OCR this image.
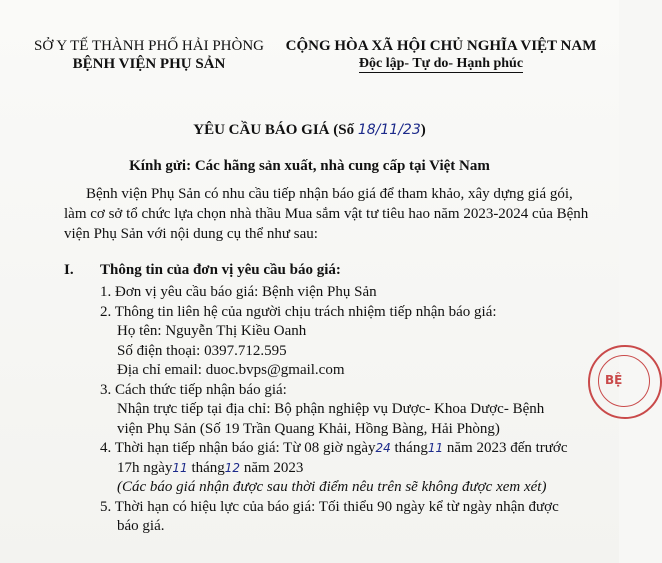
SỞ Y TẾ THÀNH PHỐ HẢI PHÒNG
BỆNH VIỆN PHỤ SẢN
CỘNG HÒA XÃ HỘI CHỦ NGHĨA VIỆT NAM
Độc lập- Tự do- Hạnh phúc
YÊU CẦU BÁO GIÁ (Số 18/11/23)
Kính gửi: Các hãng sản xuất, nhà cung cấp tại Việt Nam

Bệnh viện Phụ Sản có nhu cầu tiếp nhận báo giá để tham khảo, xây dựng giá gói,

làm cơ sở tổ chức lựa chọn nhà thầu Mua sắm vật tư tiêu hao năm 2023-2024 của Bệnh

viện Phụ Sản với nội dung cụ thể như sau:

I. Thông tin của đơn vị yêu cầu báo giá:

1. Đơn vị yêu cầu báo giá: Bệnh viện Phụ Sản

2. Thông tin liên hệ của người chịu trách nhiệm tiếp nhận báo giá:

Họ tên: Nguyễn Thị Kiều Oanh

Số điện thoại: 0397.712.595

Địa chỉ email: duoc.bvps@gmail.com

3. Cách thức tiếp nhận báo giá:

Nhận trực tiếp tại địa chỉ: Bộ phận nghiệp vụ Dược- Khoa Dược- Bệnh

viện Phụ Sản (Số 19 Trần Quang Khải, Hồng Bàng, Hải Phòng)

4. Thời hạn tiếp nhận báo giá: Từ 08 giờ ngày24 tháng11 năm 2023 đến trước

17h ngày11 tháng12 năm 2023

(Các báo giá nhận được sau thời điểm nêu trên sẽ không được xem xét)

5. Thời hạn có hiệu lực của báo giá: Tối thiểu 90 ngày kể từ ngày nhận được

báo giá.

BỆ
